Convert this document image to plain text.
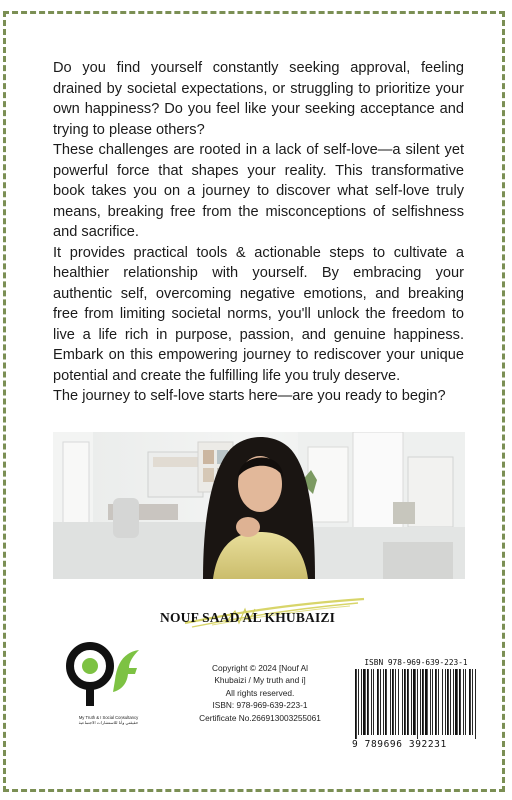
Do you find yourself constantly seeking approval, feeling drained by societal expectations, or struggling to prioritize your own happiness? Do you feel like your seeking acceptance and trying to please others?

These challenges are rooted in a lack of self-love—a silent yet powerful force that shapes your reality. This transformative book takes you on a journey to discover what self-love truly means, breaking free from the misconceptions of selfishness and sacrifice.

It provides practical tools & actionable steps to cultivate a healthier relationship with yourself. By embracing your authentic self, overcoming negative emotions, and breaking free from limiting societal norms, you'll unlock the freedom to live a life rich in purpose, passion, and genuine happiness. Embark on this empowering journey to rediscover your unique potential and create the fulfilling life you truly deserve.

The journey to self-love starts here—are you ready to begin?

NOUF SAAD AL KHUBAIZI
My Truth & I Social Consultancy
حقيقتي وأنا للاستشارات الاجتماعية
Copyright © 2024 [Nouf Al
Khubaizi / My truth and i]
All rights reserved.
ISBN: 978-969-639-223-1
Certificate No.266913003255061
ISBN 978-969-639-223-1
9 789696 392231
